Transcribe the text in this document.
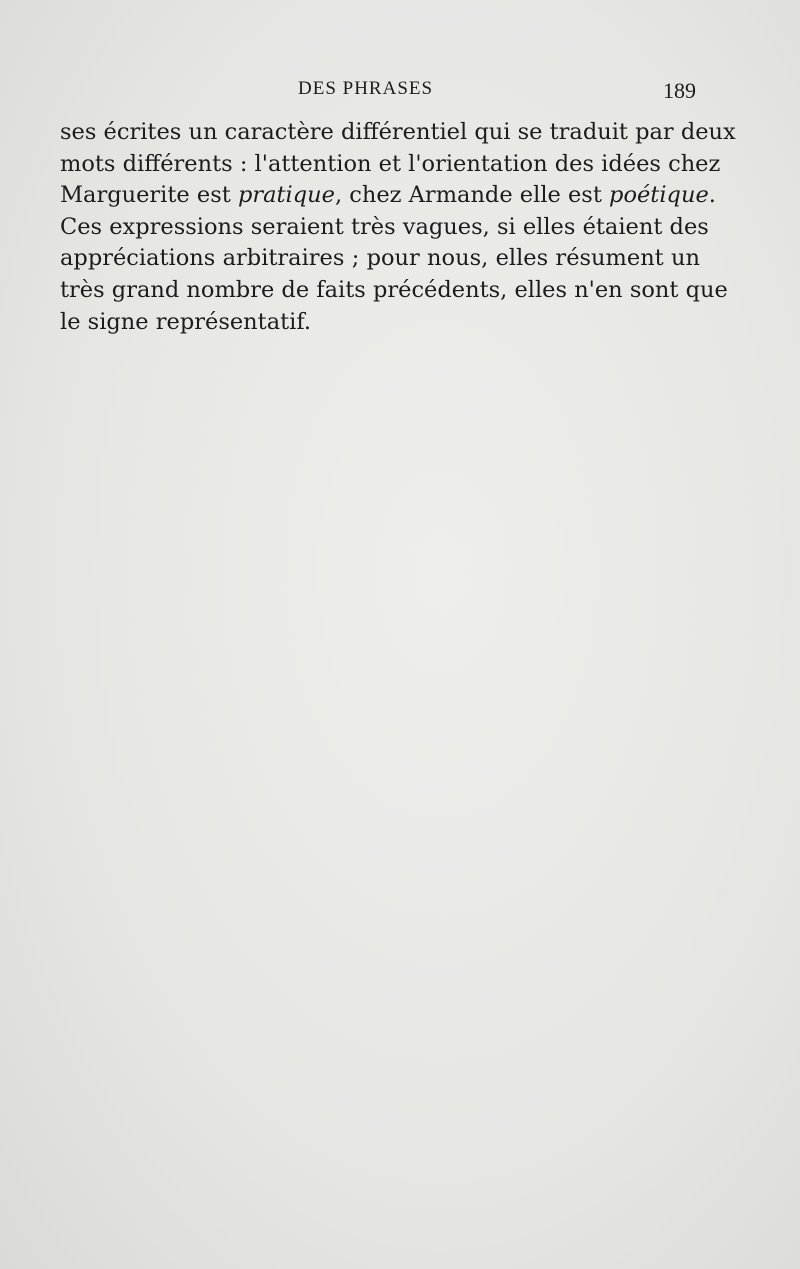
DES PHRASES	189
ses écrites un caractère différentiel qui se traduit par deux
mots différents : l'attention et l'orientation des idées chez
Marguerite est pratique, chez Armande elle est poétique.
Ces expressions seraient très vagues, si elles étaient des
appréciations arbitraires ; pour nous, elles résument un
très grand nombre de faits précédents, elles n'en sont que
le signe représentatif.
